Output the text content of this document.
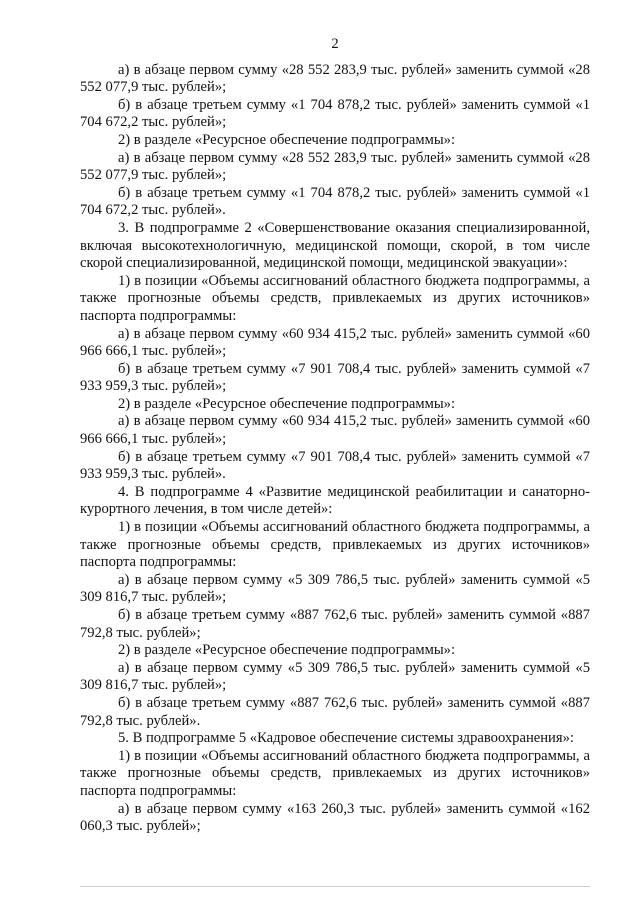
2

а) в абзаце первом сумму «28 552 283,9 тыс. рублей» заменить суммой «28 552 077,9 тыс. рублей»;

б) в абзаце третьем сумму «1 704 878,2 тыс. рублей» заменить суммой «1 704 672,2 тыс. рублей»;

2) в разделе «Ресурсное обеспечение подпрограммы»:

а) в абзаце первом сумму «28 552 283,9 тыс. рублей» заменить суммой «28 552 077,9 тыс. рублей»;

б) в абзаце третьем сумму «1 704 878,2 тыс. рублей» заменить суммой «1 704 672,2 тыс. рублей».

3. В подпрограмме 2 «Совершенствование оказания специализированной, включая высокотехнологичную, медицинской помощи, скорой, в том числе скорой специализированной, медицинской помощи, медицинской эвакуации»:

1) в позиции «Объемы ассигнований областного бюджета подпрограммы, а также прогнозные объемы средств, привлекаемых из других источников» паспорта подпрограммы:

а) в абзаце первом сумму «60 934 415,2 тыс. рублей» заменить суммой «60 966 666,1 тыс. рублей»;

б) в абзаце третьем сумму «7 901 708,4 тыс. рублей» заменить суммой «7 933 959,3 тыс. рублей»;

2) в разделе «Ресурсное обеспечение подпрограммы»:

а) в абзаце первом сумму «60 934 415,2 тыс. рублей» заменить суммой «60 966 666,1 тыс. рублей»;

б) в абзаце третьем сумму «7 901 708,4 тыс. рублей» заменить суммой «7 933 959,3 тыс. рублей».

4. В подпрограмме 4 «Развитие медицинской реабилитации и санаторно-курортного лечения, в том числе детей»:

1) в позиции «Объемы ассигнований областного бюджета подпрограммы, а также прогнозные объемы средств, привлекаемых из других источников» паспорта подпрограммы:

а) в абзаце первом сумму «5 309 786,5 тыс. рублей» заменить суммой «5 309 816,7 тыс. рублей»;

б) в абзаце третьем сумму «887 762,6 тыс. рублей» заменить суммой «887 792,8 тыс. рублей»;

2) в разделе «Ресурсное обеспечение подпрограммы»:

а) в абзаце первом сумму «5 309 786,5 тыс. рублей» заменить суммой «5 309 816,7 тыс. рублей»;

б) в абзаце третьем сумму «887 762,6 тыс. рублей» заменить суммой «887 792,8 тыс. рублей».

5. В подпрограмме 5 «Кадровое обеспечение системы здравоохранения»:

1) в позиции «Объемы ассигнований областного бюджета подпрограммы, а также прогнозные объемы средств, привлекаемых из других источников» паспорта подпрограммы:

а) в абзаце первом сумму «163 260,3 тыс. рублей» заменить суммой «162 060,3 тыс. рублей»;
